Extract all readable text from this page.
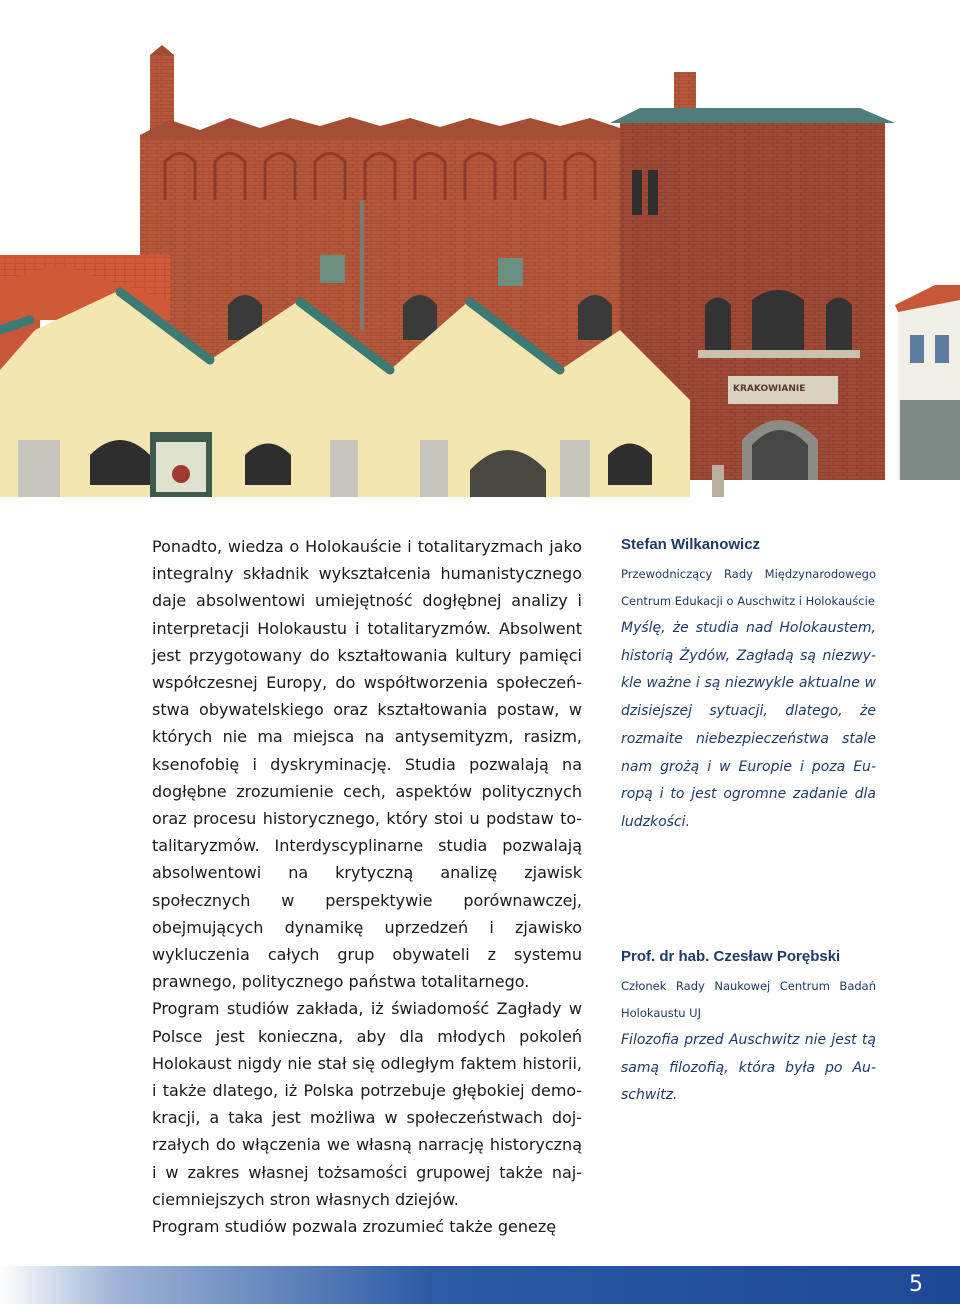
KRAKOWIANIE

Ponadto, wiedza o Holokauście i totalitaryzmach jako integralny składnik wykształcenia humanistycznego daje absolwentowi umiejętność dogłębnej analizy i interpretacji Holokaustu i totalitaryzmów. Absolwent jest przygotowany do kształtowania kultury pamięci współczesnej Europy, do współtworzenia społeczeństwa obywatelskiego oraz kształtowania postaw, w których nie ma miejsca na antysemityzm, rasizm, ksenofobię i dyskryminację. Studia pozwalają na dogłębne zrozumienie cech, aspektów politycznych oraz procesu historycznego, który stoi u podstaw totalitaryzmów. Interdyscyplinarne studia pozwalają absolwentowi na krytyczną analizę zjawisk społecznych w perspektywie porównawczej, obejmujących dynamikę uprzedzeń i zjawisko wykluczenia całych grup obywateli z systemu prawnego, politycznego państwa totalitarnego.

Program studiów zakłada, iż świadomość Zagłady w Polsce jest konieczna, aby dla młodych pokoleń Holokaust nigdy nie stał się odległym faktem historii, i także dlatego, iż Polska potrzebuje głębokiej demokracji, a taka jest możliwa w społeczeństwach dojrzałych do włączenia we własną narrację historyczną i w zakres własnej tożsamości grupowej także najciemniejszych stron własnych dziejów.

Program studiów pozwala zrozumieć także genezę

Stefan Wilkanowicz

Przewodniczący Rady Międzynarodowego Centrum Edukacji o Auschwitz i Holokauście

Myślę, że studia nad Holokaustem, historią Żydów, Zagładą są niezwykle ważne i są niezwykle aktualne w dzisiejszej sytuacji, dlatego, że rozmaite niebezpieczeństwa stale nam grożą i w Europie i poza Europą i to jest ogromne zadanie dla ludzkości.

Prof. dr hab. Czesław Porębski

Członek Rady Naukowej Centrum Badań Holokaustu UJ

Filozofia przed Auschwitz nie jest tą samą filozofią, która była po Auschwitz.

5
